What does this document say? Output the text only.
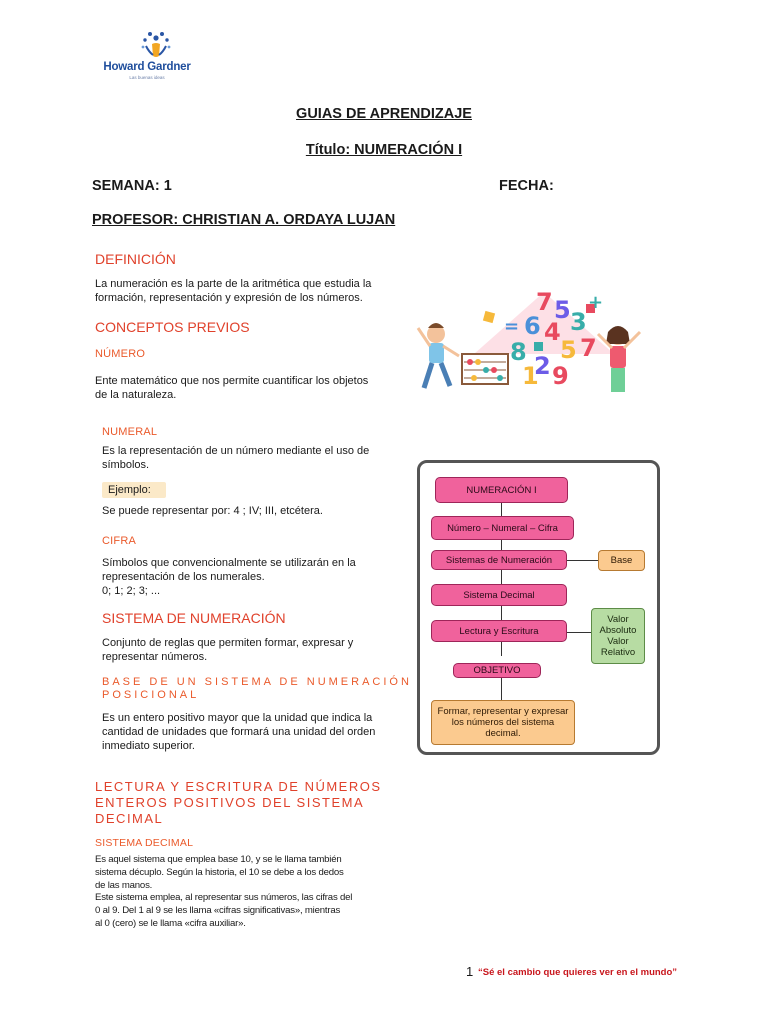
Howard Gardner
Las buenas ideas
GUIAS DE APRENDIZAJE
Título: NUMERACIÓN I
SEMANA: 1	FECHA:
PROFESOR: CHRISTIAN A. ORDAYA LUJAN
DEFINICIÓN
La numeración es la parte de la aritmética que estudia la
formación, representación y expresión de los números.
CONCEPTOS PREVIOS
NÚMERO
Ente matemático que nos permite cuantificar los objetos
de la naturaleza.
NUMERAL
Es la representación de un número mediante el uso de
símbolos.
Ejemplo:
Se puede representar por: 4 ; IV; III, etcétera.
CIFRA
Símbolos que convencionalmente se utilizarán en la
representación de los numerales.
0; 1; 2; 3; ...
SISTEMA DE NUMERACIÓN
Conjunto de reglas que permiten formar, expresar y
representar números.
BASE DE UN SISTEMA DE NUMERACIÓN
POSICIONAL
Es un entero positivo mayor que la unidad que indica la
cantidad de unidades que formará una unidad del orden
inmediato superior.
LECTURA Y ESCRITURA DE NÚMEROS
ENTEROS POSITIVOS DEL SISTEMA
DECIMAL
SISTEMA DECIMAL
Es aquel sistema que emplea base 10, y se le llama también
sistema décuplo. Según la historia, el 10 se debe a los dedos
de las manos.
Este sistema emplea, al representar sus números, las cifras del
0 al 9. Del 1 al 9 se les llama «cifras significativas», mientras
al 0 (cero) se le llama «cifra auxiliar».
7 5 3
6 4
5 7
8 2
1 9
+
=
NUMERACIÓN I
Número – Numeral – Cifra
Sistemas de Numeración
Sistema Decimal
Lectura y Escritura
OBJETIVO
Base
Valor
Absoluto
Valor
Relativo
Formar, representar y expresar
los números del sistema
decimal.
1 “Sé el cambio que quieres ver en el mundo”
